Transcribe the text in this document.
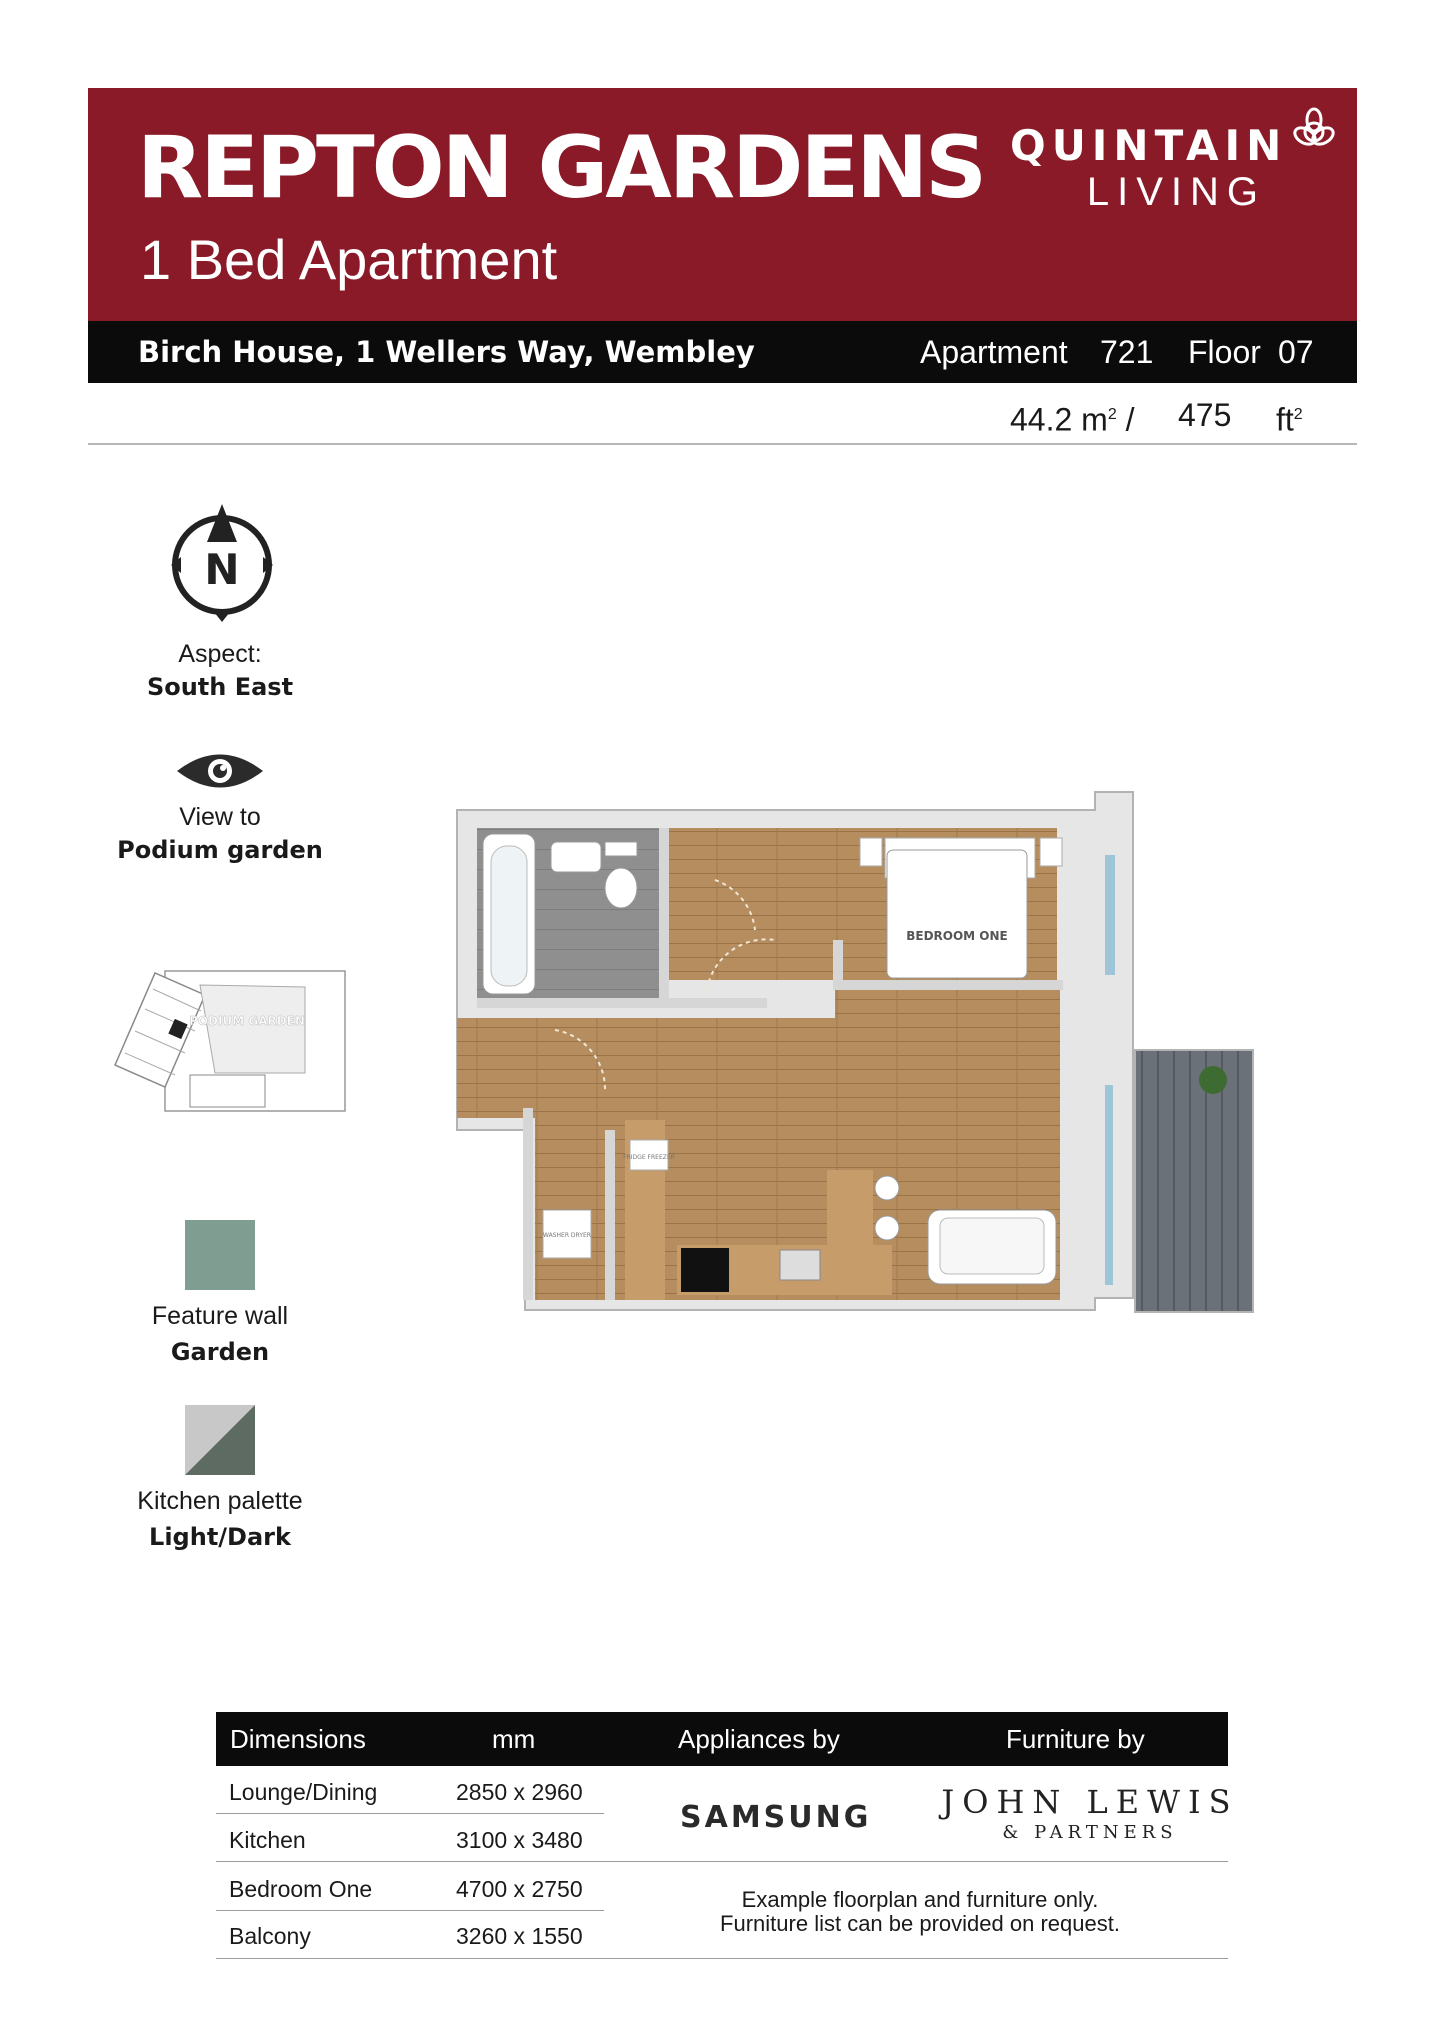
REPTON GARDENS
1 Bed Apartment
QUINTAIN
LIVING
Birch House, 1 Wellers Way, Wembley	Apartment 721 Floor 07
44.2 $m^2 / 475$ $ft^2$
N
Aspect:
South East
View to
Podium garden
PODIUM GARDEN
Feature wall
Garden
Kitchen palette
Light/Dark
BEDROOM ONE
FRIDGE FREEZER
WASHER DRYER
Dimensions	mm	Appliances by	Furniture by
Lounge/Dining	2850 x 2960
Kitchen	3100 x 3480
Bedroom One	4700 x 2750
Balcony	3260 x 1550
SAMSUNG JOHN LEWIS
& PARTNERS
Example floorplan and furniture only.
Furniture list can be provided on request.
